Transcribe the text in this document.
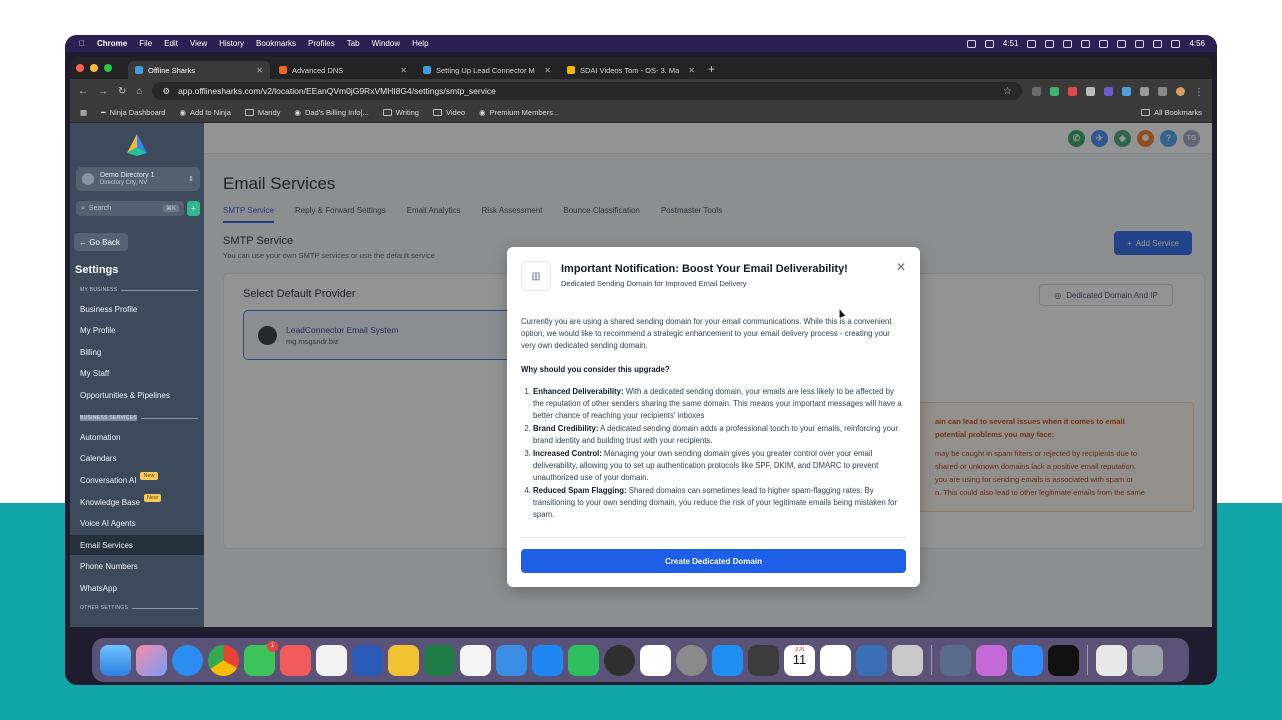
Chrome File Edit View History Bookmarks Profiles Tab Window Help	4:51	4:56
Offline Sharks	✕	Advanced DNS	✕	Setting Up Lead Connector M	✕	SDAI Videos Tom - OS- 3. Ma	✕ +
← → ↻ ⌂ ⚙ app.offlinesharks.com/v2/location/EEanQVm0jG9RxVMHI8G4/settings/smtp_service	☆	⋮
▦ ━ Ninja Dashboard ◉ Add to Ninja	Mandy ◉ Dad's Billing Info|...	Writing	Video ◉ Premium Members...	All Bookmarks
Demo Directory 1
Directory City, NV	⇕
⌕ Search	⌘K	+
← Go Back
Settings
MY BUSINESS
Business Profile
My Profile
Billing
My Staff
Opportunities & Pipelines
BUSINESS SERVICES
Automation
Calendars
Conversation AI	New
Knowledge Base	New
Voice AI Agents
Email Services
Phone Numbers
WhatsApp
OTHER SETTINGS
▥
Important Notification: Boost Your Email Deliverability!
Dedicated Sending Domain for Improved Email Delivery
✕

Currently you are using a shared sending domain for your email communications. While this is a convenient option, we would like to recommend a strategic enhancement to your email delivery process - creating your very own dedicated sending domain.

Why should you consider this upgrade?

1. Enhanced Deliverability: With a dedicated sending domain, your emails are less likely to be affected by the reputation of other senders sharing the same domain. This means your important messages will have a better chance of reaching your recipients' inboxes
2. Brand Credibility: A dedicated sending domain adds a professional touch to your emails, reinforcing your brand identity and building trust with your recipients.
3. Increased Control: Managing your own sending domain gives you greater control over your email deliverability, allowing you to set up authentication protocols like SPF, DKIM, and DMARC to prevent unauthorized use of your domain.
4. Reduced Spam Flagging: Shared domains can sometimes lead to higher spam-flagging rates. By transitioning to your own sending domain, you reduce the risk of your legitimate emails being mistaken for spam.
Create Dedicated Domain
1
JUN
11
